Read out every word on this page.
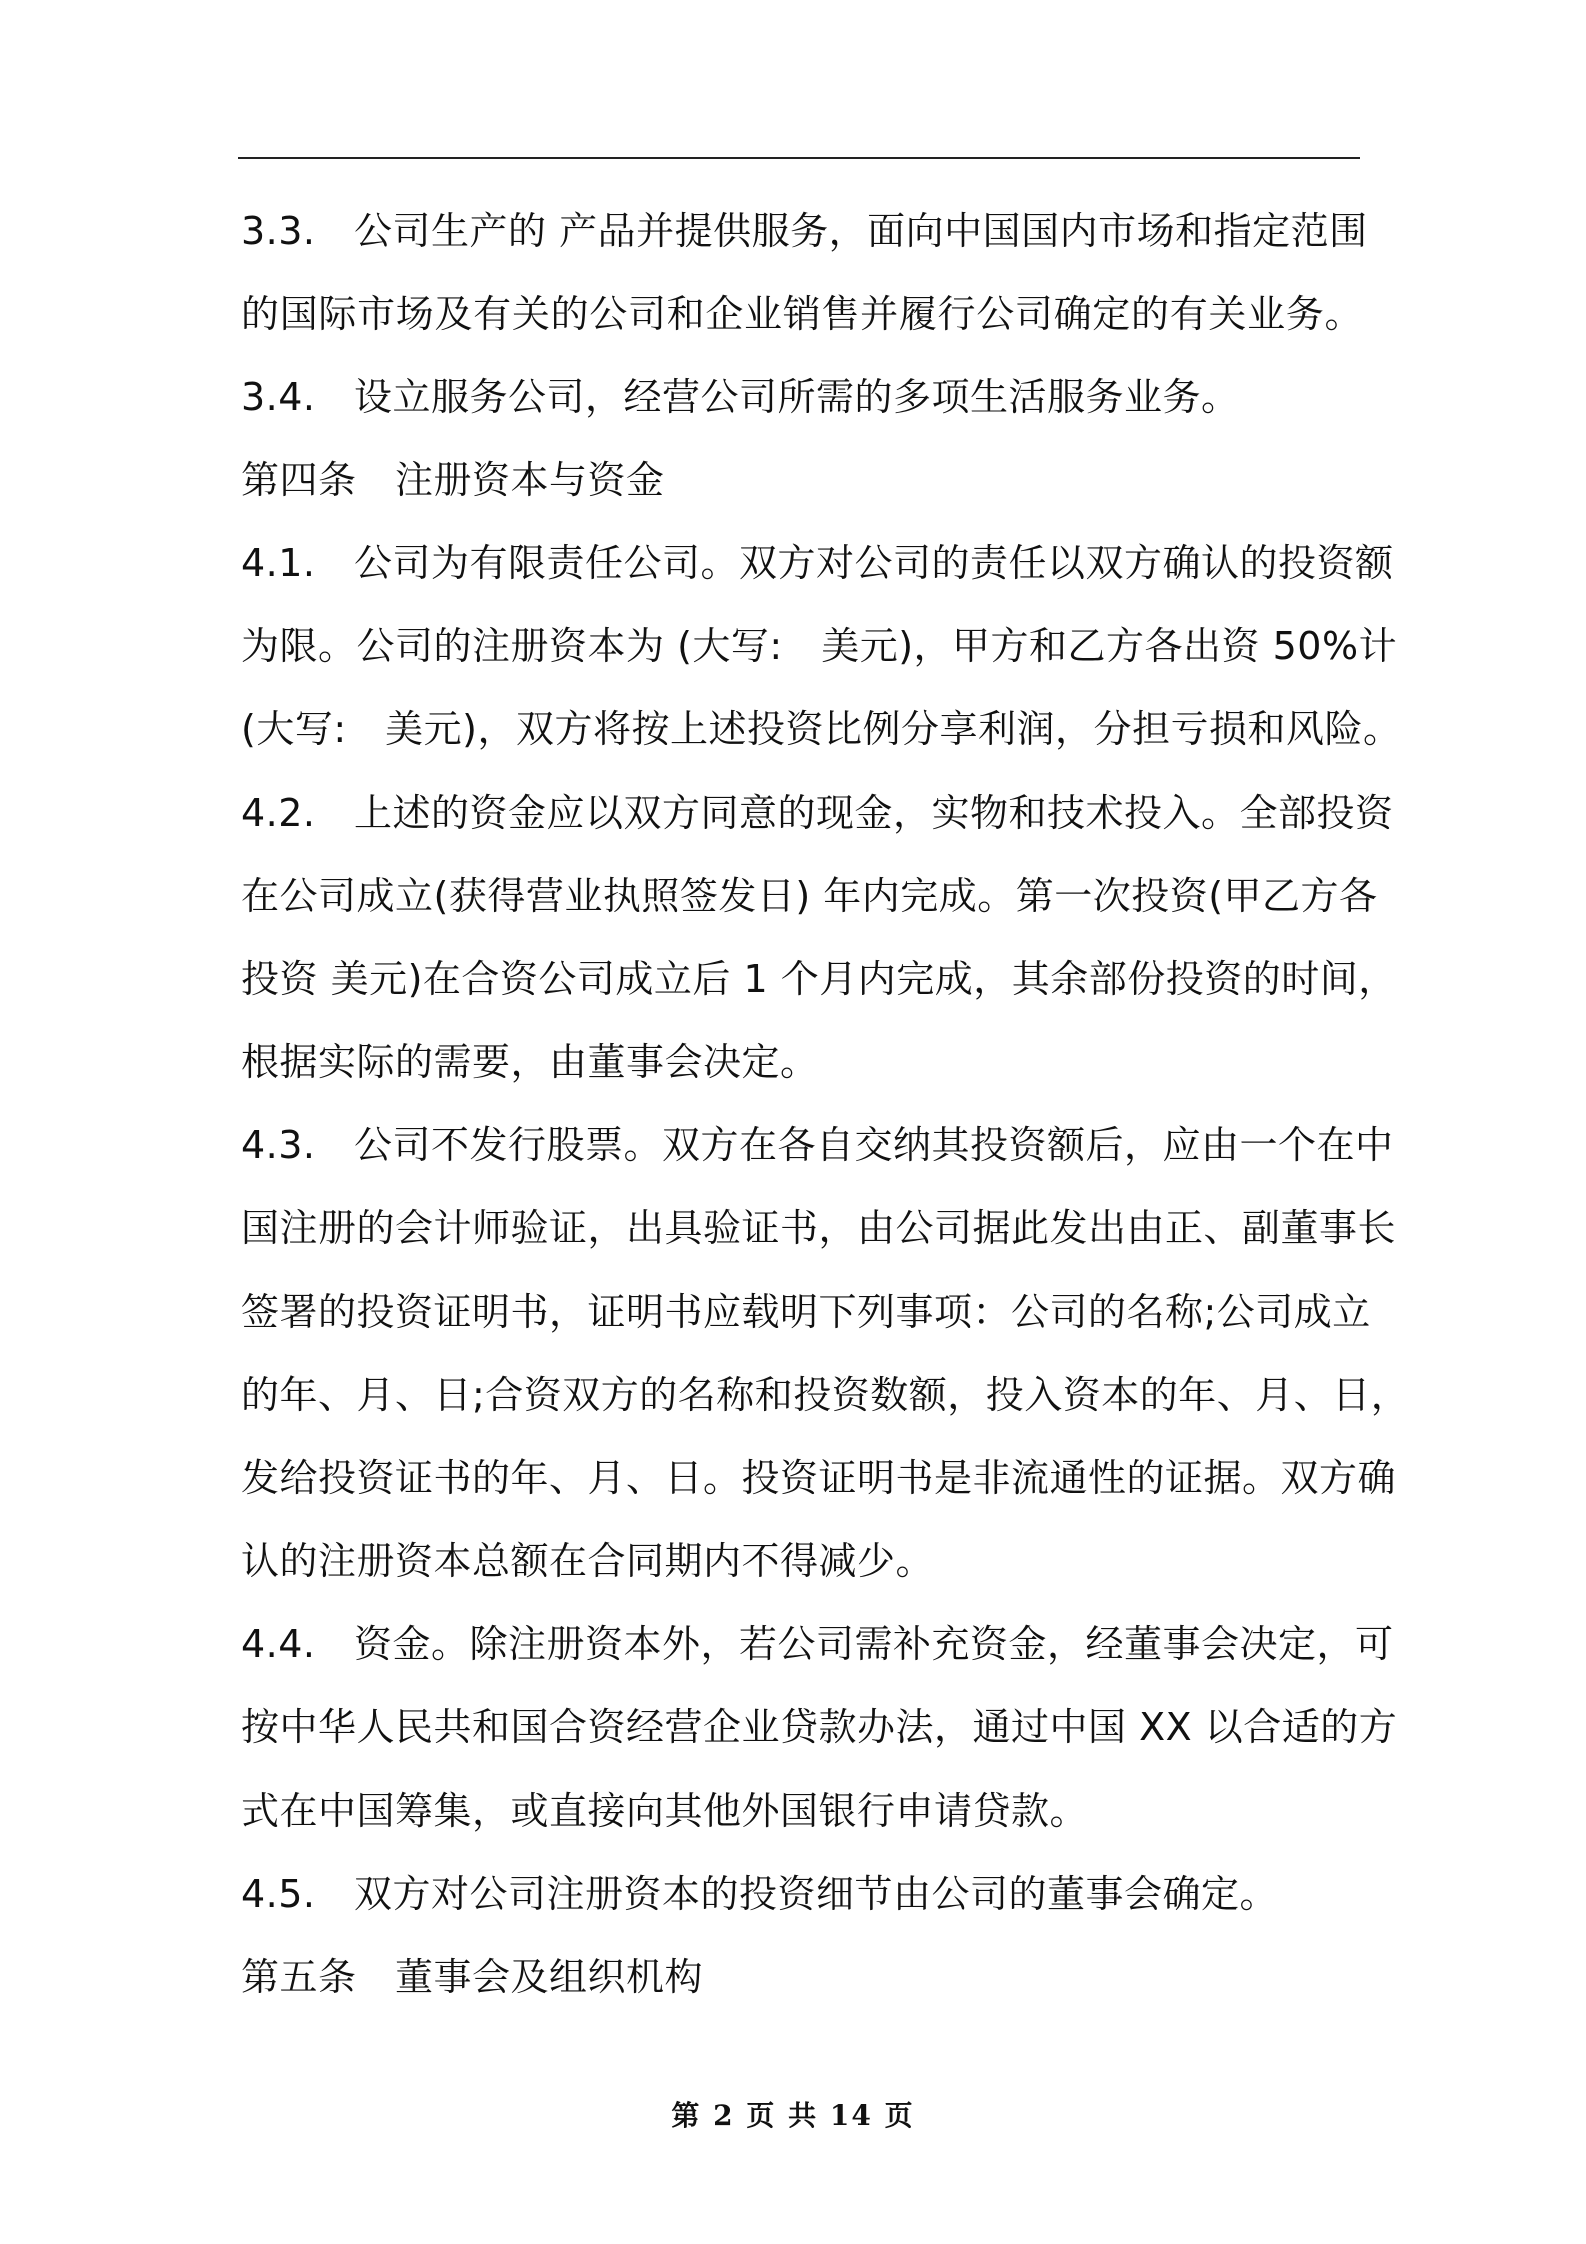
3.3.　公司生产的 产品并提供服务，面向中国国内市场和指定范围
的国际市场及有关的公司和企业销售并履行公司确定的有关业务。
3.4.　设立服务公司，经营公司所需的多项生活服务业务。
第四条　注册资本与资金
4.1.　公司为有限责任公司。双方对公司的责任以双方确认的投资额
为限。公司的注册资本为 (大写:　美元)，甲方和乙方各出资 50%计
(大写:　美元)，双方将按上述投资比例分享利润，分担亏损和风险。
4.2.　上述的资金应以双方同意的现金，实物和技术投入。全部投资
在公司成立(获得营业执照签发日) 年内完成。第一次投资(甲乙方各
投资 美元)在合资公司成立后 1 个月内完成，其余部份投资的时间，
根据实际的需要，由董事会决定。
4.3.　公司不发行股票。双方在各自交纳其投资额后，应由一个在中
国注册的会计师验证，出具验证书，由公司据此发出由正、副董事长
签署的投资证明书，证明书应载明下列事项：公司的名称;公司成立
的年、月、日;合资双方的名称和投资数额，投入资本的年、月、日，
发给投资证书的年、月、日。投资证明书是非流通性的证据。双方确
认的注册资本总额在合同期内不得减少。
4.4.　资金。除注册资本外，若公司需补充资金，经董事会决定，可
按中华人民共和国合资经营企业贷款办法，通过中国 XX 以合适的方
式在中国筹集，或直接向其他外国银行申请贷款。
4.5.　双方对公司注册资本的投资细节由公司的董事会确定。
第五条　董事会及组织机构
第 2 页 共 14 页
